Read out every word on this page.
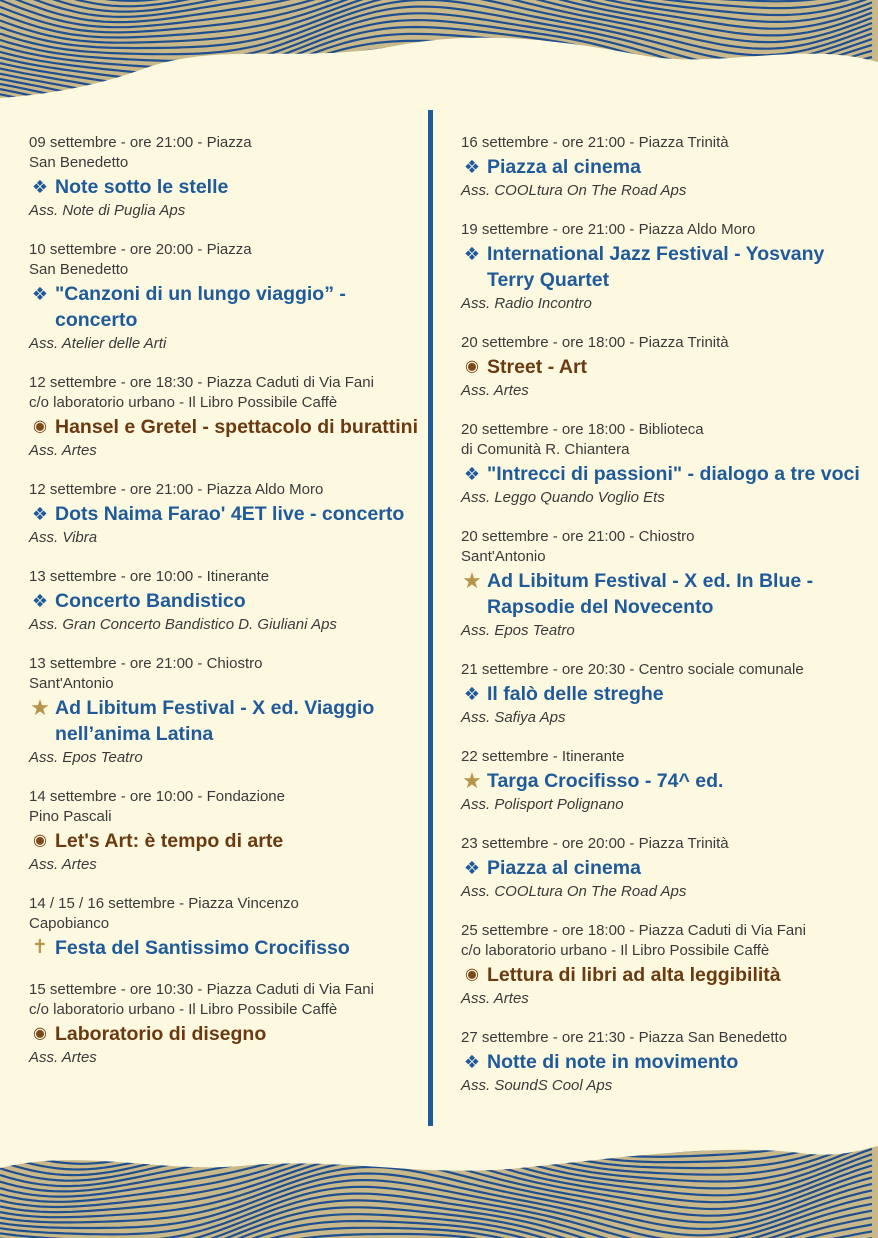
09 settembre - ore 21:00 - Piazza
San Benedetto
❖ Note sotto le stelle
Ass. Note di Puglia Aps
10 settembre - ore 20:00 - Piazza
San Benedetto
❖ "Canzoni di un lungo viaggio” - concerto
Ass. Atelier delle Arti
12 settembre - ore 18:30 - Piazza Caduti di Via Fani
c/o laboratorio urbano - Il Libro Possibile Caffè
◉ Hansel e Gretel - spettacolo di burattini
Ass. Artes
12 settembre - ore 21:00 - Piazza Aldo Moro
❖ Dots Naima Farao' 4ET live - concerto
Ass. Vibra
13 settembre - ore 10:00 - Itinerante
❖ Concerto Bandistico
Ass. Gran Concerto Bandistico D. Giuliani Aps
13 settembre - ore 21:00 - Chiostro
Sant'Antonio
★ Ad Libitum Festival - X ed. Viaggio nell’anima Latina
Ass. Epos Teatro
14 settembre - ore 10:00 - Fondazione
Pino Pascali
◉ Let's Art: è tempo di arte
Ass. Artes
14 / 15 / 16 settembre - Piazza Vincenzo
Capobianco
✝ Festa del Santissimo Crocifisso
15 settembre - ore 10:30 - Piazza Caduti di Via Fani
c/o laboratorio urbano - Il Libro Possibile Caffè
◉ Laboratorio di disegno
Ass. Artes
16 settembre - ore 21:00 - Piazza Trinità
❖ Piazza al cinema
Ass. COOLtura On The Road Aps
19 settembre - ore 21:00 - Piazza Aldo Moro
❖ International Jazz Festival - Yosvany Terry Quartet
Ass. Radio Incontro
20 settembre - ore 18:00 - Piazza Trinità
◉ Street - Art
Ass. Artes
20 settembre - ore 18:00 - Biblioteca
di Comunità R. Chiantera
❖ "Intrecci di passioni" - dialogo a tre voci
Ass. Leggo Quando Voglio Ets
20 settembre - ore 21:00 - Chiostro
Sant'Antonio
★ Ad Libitum Festival - X ed. In Blue - Rapsodie del Novecento
Ass. Epos Teatro
21 settembre - ore 20:30 - Centro sociale comunale
❖ Il falò delle streghe
Ass. Safiya Aps
22 settembre - Itinerante
★ Targa Crocifisso - 74^ ed.
Ass. Polisport Polignano
23 settembre - ore 20:00 - Piazza Trinità
❖ Piazza al cinema
Ass. COOLtura On The Road Aps
25 settembre - ore 18:00 - Piazza Caduti di Via Fani
c/o laboratorio urbano - Il Libro Possibile Caffè
◉ Lettura di libri ad alta leggibilità
Ass. Artes
27 settembre - ore 21:30 - Piazza San Benedetto
❖ Notte di note in movimento
Ass. SoundS Cool Aps
